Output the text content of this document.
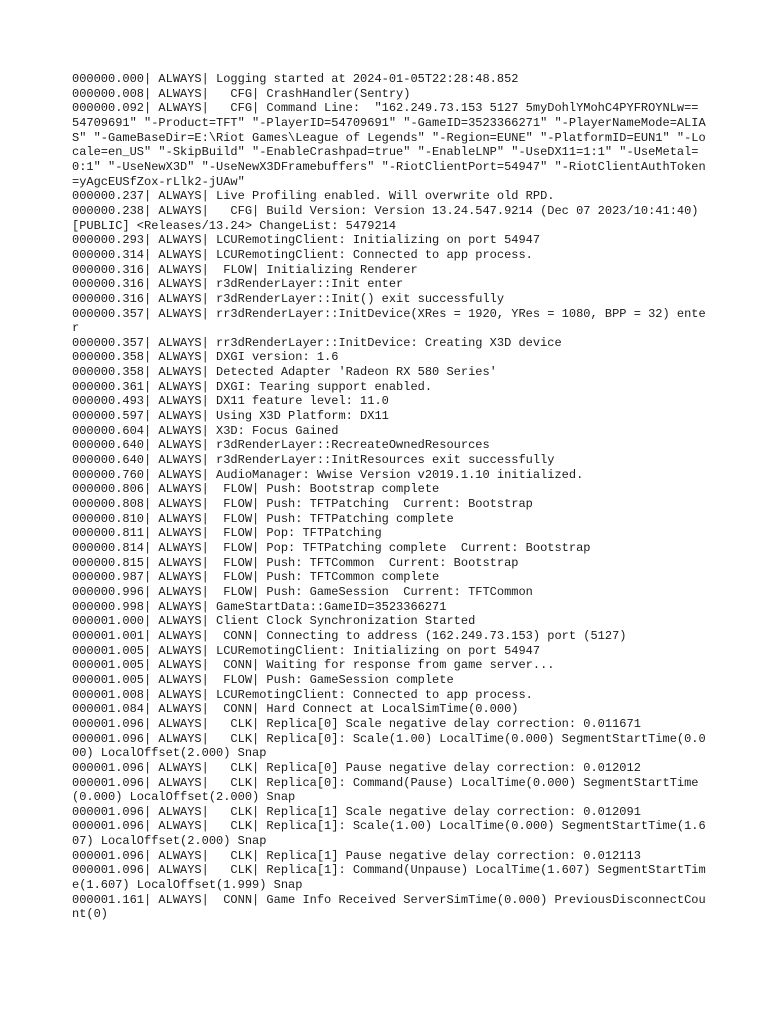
000000.000| ALWAYS| Logging started at 2024-01-05T22:28:48.852
000000.008| ALWAYS|   CFG| CrashHandler(Sentry)
000000.092| ALWAYS|   CFG| Command Line:  "162.249.73.153 5127 5myDohlYMohC4PYFROYNLw== 54709691" "-Product=TFT" "-PlayerID=54709691" "-GameID=3523366271" "-PlayerNameMode=ALIAS" "-GameBaseDir=E:\Riot Games\League of Legends" "-Region=EUNE" "-PlatformID=EUN1" "-Locale=en_US" "-SkipBuild" "-EnableCrashpad=true" "-EnableLNP" "-UseDX11=1:1" "-UseMetal=0:1" "-UseNewX3D" "-UseNewX3DFramebuffers" "-RiotClientPort=54947" "-RiotClientAuthToken=yAgcEUSfZox-rLlk2-jUAw"
000000.237| ALWAYS| Live Profiling enabled. Will overwrite old RPD.
000000.238| ALWAYS|   CFG| Build Version: Version 13.24.547.9214 (Dec 07 2023/10:41:40) [PUBLIC] <Releases/13.24> ChangeList: 5479214
000000.293| ALWAYS| LCURemotingClient: Initializing on port 54947
000000.314| ALWAYS| LCURemotingClient: Connected to app process.
000000.316| ALWAYS|  FLOW| Initializing Renderer
000000.316| ALWAYS| r3dRenderLayer::Init enter
000000.316| ALWAYS| r3dRenderLayer::Init() exit successfully
000000.357| ALWAYS| rr3dRenderLayer::InitDevice(XRes = 1920, YRes = 1080, BPP = 32) enter
000000.357| ALWAYS| rr3dRenderLayer::InitDevice: Creating X3D device
000000.358| ALWAYS| DXGI version: 1.6
000000.358| ALWAYS| Detected Adapter 'Radeon RX 580 Series'
000000.361| ALWAYS| DXGI: Tearing support enabled.
000000.493| ALWAYS| DX11 feature level: 11.0
000000.597| ALWAYS| Using X3D Platform: DX11
000000.604| ALWAYS| X3D: Focus Gained
000000.640| ALWAYS| r3dRenderLayer::RecreateOwnedResources
000000.640| ALWAYS| r3dRenderLayer::InitResources exit successfully
000000.760| ALWAYS| AudioManager: Wwise Version v2019.1.10 initialized.
000000.806| ALWAYS|  FLOW| Push: Bootstrap complete
000000.808| ALWAYS|  FLOW| Push: TFTPatching  Current: Bootstrap
000000.810| ALWAYS|  FLOW| Push: TFTPatching complete
000000.811| ALWAYS|  FLOW| Pop: TFTPatching
000000.814| ALWAYS|  FLOW| Pop: TFTPatching complete  Current: Bootstrap
000000.815| ALWAYS|  FLOW| Push: TFTCommon  Current: Bootstrap
000000.987| ALWAYS|  FLOW| Push: TFTCommon complete
000000.996| ALWAYS|  FLOW| Push: GameSession  Current: TFTCommon
000000.998| ALWAYS| GameStartData::GameID=3523366271
000001.000| ALWAYS| Client Clock Synchronization Started
000001.001| ALWAYS|  CONN| Connecting to address (162.249.73.153) port (5127)
000001.005| ALWAYS| LCURemotingClient: Initializing on port 54947
000001.005| ALWAYS|  CONN| Waiting for response from game server...
000001.005| ALWAYS|  FLOW| Push: GameSession complete
000001.008| ALWAYS| LCURemotingClient: Connected to app process.
000001.084| ALWAYS|  CONN| Hard Connect at LocalSimTime(0.000)
000001.096| ALWAYS|   CLK| Replica[0] Scale negative delay correction: 0.011671
000001.096| ALWAYS|   CLK| Replica[0]: Scale(1.00) LocalTime(0.000) SegmentStartTime(0.000) LocalOffset(2.000) Snap
000001.096| ALWAYS|   CLK| Replica[0] Pause negative delay correction: 0.012012
000001.096| ALWAYS|   CLK| Replica[0]: Command(Pause) LocalTime(0.000) SegmentStartTime(0.000) LocalOffset(2.000) Snap
000001.096| ALWAYS|   CLK| Replica[1] Scale negative delay correction: 0.012091
000001.096| ALWAYS|   CLK| Replica[1]: Scale(1.00) LocalTime(0.000) SegmentStartTime(1.607) LocalOffset(2.000) Snap
000001.096| ALWAYS|   CLK| Replica[1] Pause negative delay correction: 0.012113
000001.096| ALWAYS|   CLK| Replica[1]: Command(Unpause) LocalTime(1.607) SegmentStartTime(1.607) LocalOffset(1.999) Snap
000001.161| ALWAYS|  CONN| Game Info Received ServerSimTime(0.000) PreviousDisconnectCount(0)
